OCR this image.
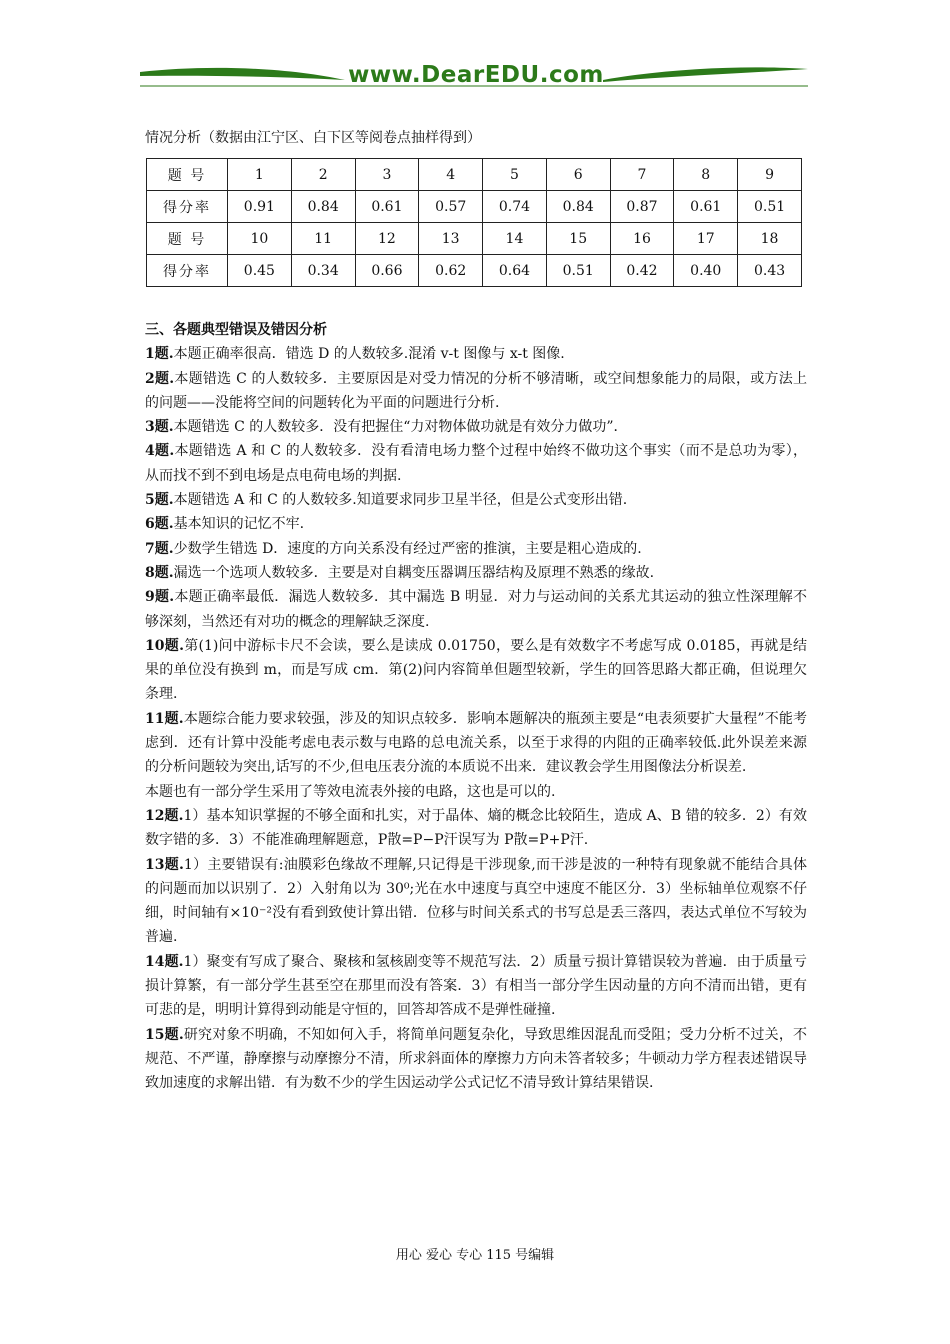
www.DearEDU.com
情况分析（数据由江宁区、白下区等阅卷点抽样得到）
题 号	1	2	3	4	5	6	7	8	9
得分率	0.91	0.84	0.61	0.57	0.74	0.84	0.87	0.61	0.51
题 号	10	11	12	13	14	15	16	17	18
得分率	0.45	0.34	0.66	0.62	0.64	0.51	0.42	0.40	0.43

三、各题典型错误及错因分析

1题.本题正确率很高．错选 D 的人数较多.混淆 v-t 图像与 x-t 图像.

2题.本题错选 C 的人数较多．主要原因是对受力情况的分析不够清晰，或空间想象能力的局限，或方法上的问题——没能将空间的问题转化为平面的问题进行分析.

3题.本题错选 C 的人数较多．没有把握住“力对物体做功就是有效分力做功”．

4题.本题错选 A 和 C 的人数较多．没有看清电场力整个过程中始终不做功这个事实（而不是总功为零），从而找不到不到电场是点电荷电场的判据.

5题.本题错选 A 和 C 的人数较多.知道要求同步卫星半径，但是公式变形出错.

6题.基本知识的记忆不牢.

7题.少数学生错选 D．速度的方向关系没有经过严密的推演，主要是粗心造成的.

8题.漏选一个选项人数较多．主要是对自耦变压器调压器结构及原理不熟悉的缘故.

9题.本题正确率最低．漏选人数较多．其中漏选 B 明显．对力与运动间的关系尤其运动的独立性深理解不够深刻，当然还有对功的概念的理解缺乏深度.

10题.第(1)问中游标卡尺不会读，要么是读成 0.01750，要么是有效数字不考虑写成 0.0185，再就是结果的单位没有换到 m，而是写成 cm．第(2)问内容简单但题型较新，学生的回答思路大都正确，但说理欠条理.

11题.本题综合能力要求较强，涉及的知识点较多．影响本题解决的瓶颈主要是“电表须要扩大量程”不能考虑到．还有计算中没能考虑电表示数与电路的总电流关系，以至于求得的内阻的正确率较低.此外误差来源的分析问题较为突出,话写的不少,但电压表分流的本质说不出来．建议教会学生用图像法分析误差.

本题也有一部分学生采用了等效电流表外接的电路，这也是可以的.

12题.1）基本知识掌握的不够全面和扎实，对于晶体、熵的概念比较陌生，造成 A、B 错的较多．2）有效数字错的多．3）不能准确理解题意，P散=P−P汗误写为 P散=P+P汗.

13题.1）主要错误有:油膜彩色缘故不理解,只记得是干涉现象,而干涉是波的一种特有现象就不能结合具体的问题而加以识别了．2）入射角以为 30⁰;光在水中速度与真空中速度不能区分．3）坐标轴单位观察不仔细，时间轴有×10⁻²没有看到致使计算出错．位移与时间关系式的书写总是丢三落四，表达式单位不写较为普遍.

14题.1）聚变有写成了聚合、聚核和氢核剧变等不规范写法．2）质量亏损计算错误较为普遍．由于质量亏损计算繁，有一部分学生甚至空在那里而没有答案．3）有相当一部分学生因动量的方向不清而出错，更有可悲的是，明明计算得到动能是守恒的，回答却答成不是弹性碰撞.

15题.研究对象不明确，不知如何入手，将简单问题复杂化，导致思维因混乱而受阻；受力分析不过关，不规范、不严谨，静摩擦与动摩擦分不清，所求斜面体的摩擦力方向未答者较多；牛顿动力学方程表述错误导致加速度的求解出错．有为数不少的学生因运动学公式记忆不清导致计算结果错误.

用心 爱心 专心 115 号编辑
